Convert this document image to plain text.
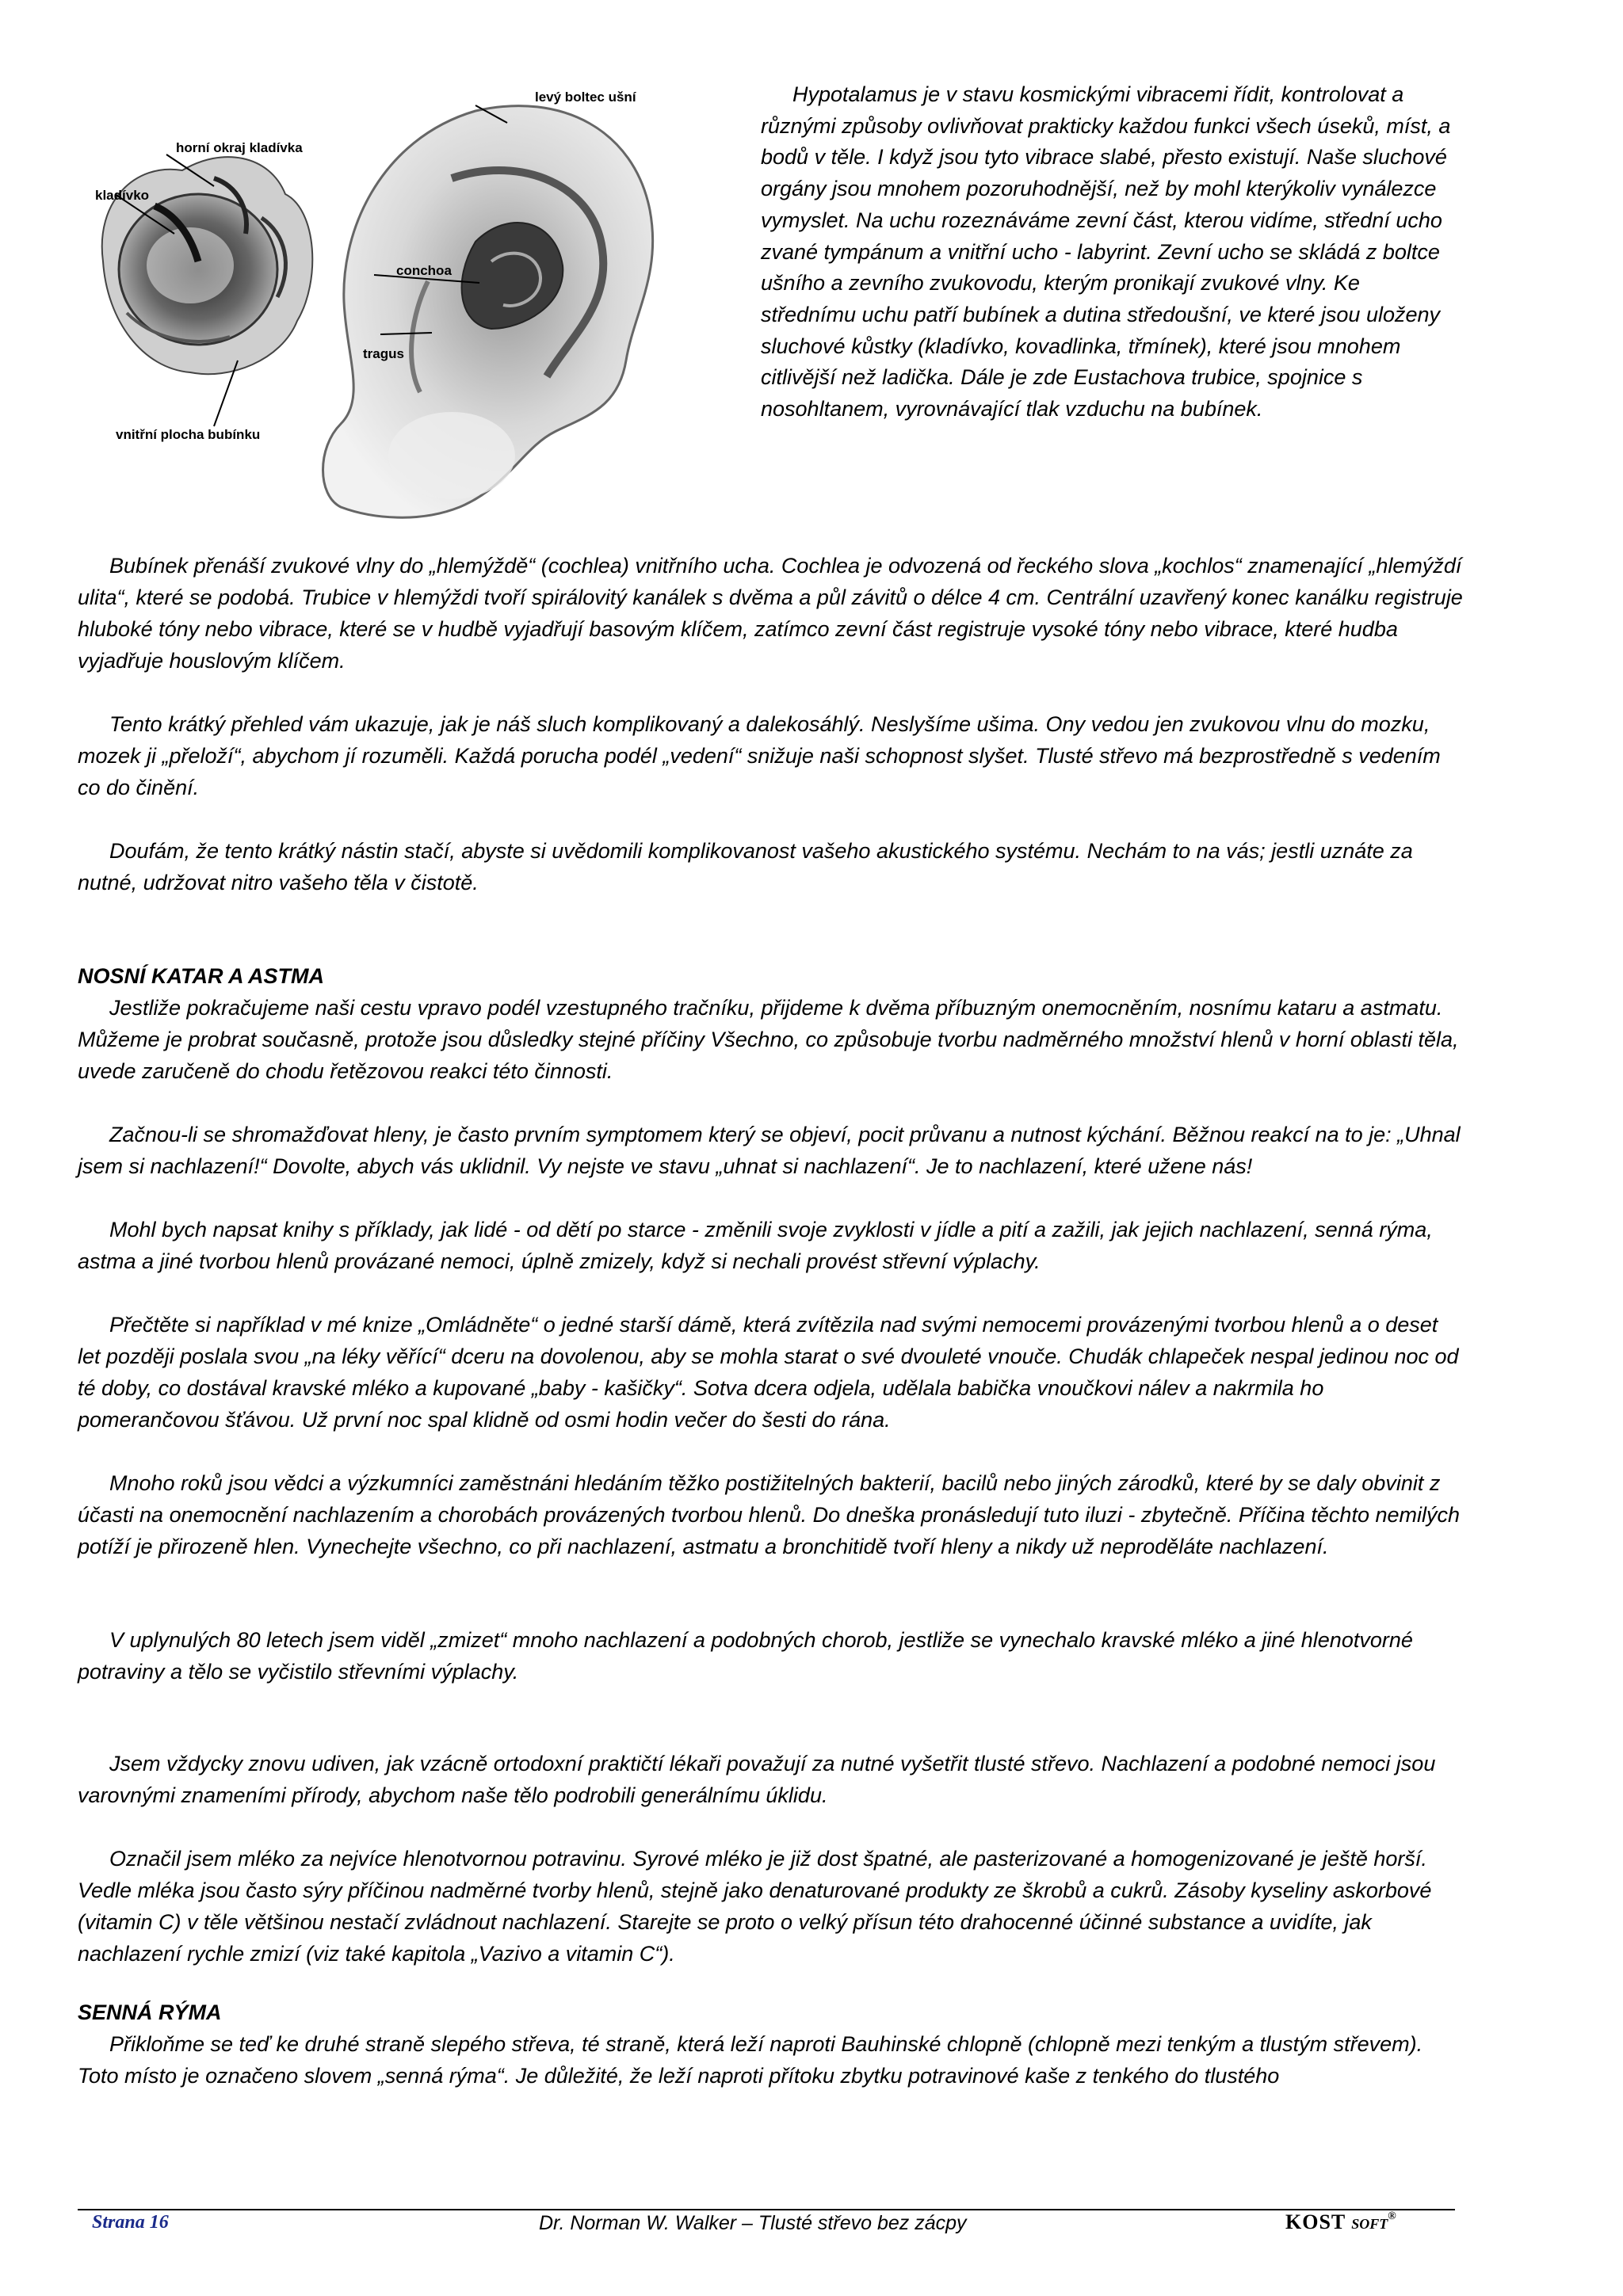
levý boltec ušní
horní okraj kladívka
kladívko
conchoa
tragus
vnitřní plocha bubínku

Hypotalamus je v stavu kosmickými vibracemi řídit, kontrolovat a různými způsoby ovlivňovat prakticky každou funkci všech úseků, míst, a bodů v těle. I když jsou tyto vibrace slabé, přesto existují. Naše sluchové orgány jsou mnohem pozoruhodnější, než by mohl kterýkoliv vynálezce vymyslet. Na uchu rozeznáváme zevní část, kterou vidíme, střední ucho zvané tympánum a vnitřní ucho - labyrint. Zevní ucho se skládá z boltce ušního a zevního zvukovodu, kterým pronikají zvukové vlny. Ke střednímu uchu patří bubínek a dutina středoušní, ve které jsou uloženy sluchové kůstky (kladívko, kovadlinka, třmínek), které jsou mnohem citlivější než ladička. Dále je zde Eustachova trubice, spojnice s nosohltanem, vyrovnávající tlak vzduchu na bubínek.

Bubínek přenáší zvukové vlny do „hlemýždě“ (cochlea) vnitřního ucha. Cochlea je odvozená od řeckého slova „kochlos“ znamenající „hlemýždí ulita“, které se podobá. Trubice v hlemýždi tvoří spirálovitý kanálek s dvěma a půl závitů o délce 4 cm. Centrální uzavřený konec kanálku registruje hluboké tóny nebo vibrace, které se v hudbě vyjadřují basovým klíčem, zatímco zevní část registruje vysoké tóny nebo vibrace, které hudba vyjadřuje houslovým klíčem.

Tento krátký přehled vám ukazuje, jak je náš sluch komplikovaný a dalekosáhlý. Neslyšíme ušima. Ony vedou jen zvukovou vlnu do mozku, mozek ji „přeloží“, abychom jí rozuměli. Každá porucha podél „vedení“ snižuje naši schopnost slyšet. Tlusté střevo má bezprostředně s vedením co do činění.

Doufám, že tento krátký nástin stačí, abyste si uvědomili komplikovanost vašeho akustického systému. Nechám to na vás; jestli uznáte za nutné, udržovat nitro vašeho těla v čistotě.

NOSNÍ KATAR A ASTMA

Jestliže pokračujeme naši cestu vpravo podél vzestupného tračníku, přijdeme k dvěma příbuzným onemocněním, nosnímu kataru a astmatu. Můžeme je probrat současně, protože jsou důsledky stejné příčiny Všechno, co způsobuje tvorbu nadměrného množství hlenů v horní oblasti těla, uvede zaručeně do chodu řetězovou reakci této činnosti.

Začnou-li se shromažďovat hleny, je často prvním symptomem který se objeví, pocit průvanu a nutnost kýchání. Běžnou reakcí na to je: „Uhnal jsem si nachlazení!“ Dovolte, abych vás uklidnil. Vy nejste ve stavu „uhnat si nachlazení“. Je to nachlazení, které užene nás!

Mohl bych napsat knihy s příklady, jak lidé - od dětí po starce - změnili svoje zvyklosti v jídle a pití a zažili, jak jejich nachlazení, senná rýma, astma a jiné tvorbou hlenů provázané nemoci, úplně zmizely, když si nechali provést střevní výplachy.

Přečtěte si například v mé knize „Omládněte“ o jedné starší dámě, která zvítězila nad svými nemocemi provázenými tvorbou hlenů a o deset let později poslala svou „na léky věřící“ dceru na dovolenou, aby se mohla starat o své dvouleté vnouče. Chudák chlapeček nespal jedinou noc od té doby, co dostával kravské mléko a kupované „baby - kašičky“. Sotva dcera odjela, udělala babička vnoučkovi nálev a nakrmila ho pomerančovou šťávou. Už první noc spal klidně od osmi hodin večer do šesti do rána.

Mnoho roků jsou vědci a výzkumníci zaměstnáni hledáním těžko postižitelných bakterií, bacilů nebo jiných zárodků, které by se daly obvinit z účasti na onemocnění nachlazením a chorobách provázených tvorbou hlenů. Do dneška pronásledují tuto iluzi - zbytečně. Příčina těchto nemilých potíží je přirozeně hlen. Vynechejte všechno, co při nachlazení, astmatu a bronchitidě tvoří hleny a nikdy už neproděláte nachlazení.

V uplynulých 80 letech jsem viděl „zmizet“ mnoho nachlazení a podobných chorob, jestliže se vynechalo kravské mléko a jiné hlenotvorné potraviny a tělo se vyčistilo střevními výplachy.

Jsem vždycky znovu udiven, jak vzácně ortodoxní praktičtí lékaři považují za nutné vyšetřit tlusté střevo. Nachlazení a podobné nemoci jsou varovnými znameními přírody, abychom naše tělo podrobili generálnímu úklidu.

Označil jsem mléko za nejvíce hlenotvornou potravinu. Syrové mléko je již dost špatné, ale pasterizované a homogenizované je ještě horší. Vedle mléka jsou často sýry příčinou nadměrné tvorby hlenů, stejně jako denaturované produkty ze škrobů a cukrů. Zásoby kyseliny askorbové (vitamin C) v těle většinou nestačí zvládnout nachlazení. Starejte se proto o velký přísun této drahocenné účinné substance a uvidíte, jak nachlazení rychle zmizí (viz také kapitola „Vazivo a vitamin C“).

SENNÁ RÝMA

Přikloňme se teď ke druhé straně slepého střeva, té straně, která leží naproti Bauhinské chlopně (chlopně mezi tenkým a tlustým střevem). Toto místo je označeno slovem „senná rýma“. Je důležité, že leží naproti přítoku zbytku potravinové kaše z tenkého do tlustého

Strana 16	Dr. Norman W. Walker – Tlusté střevo bez zácpy	KOST SOFT®
